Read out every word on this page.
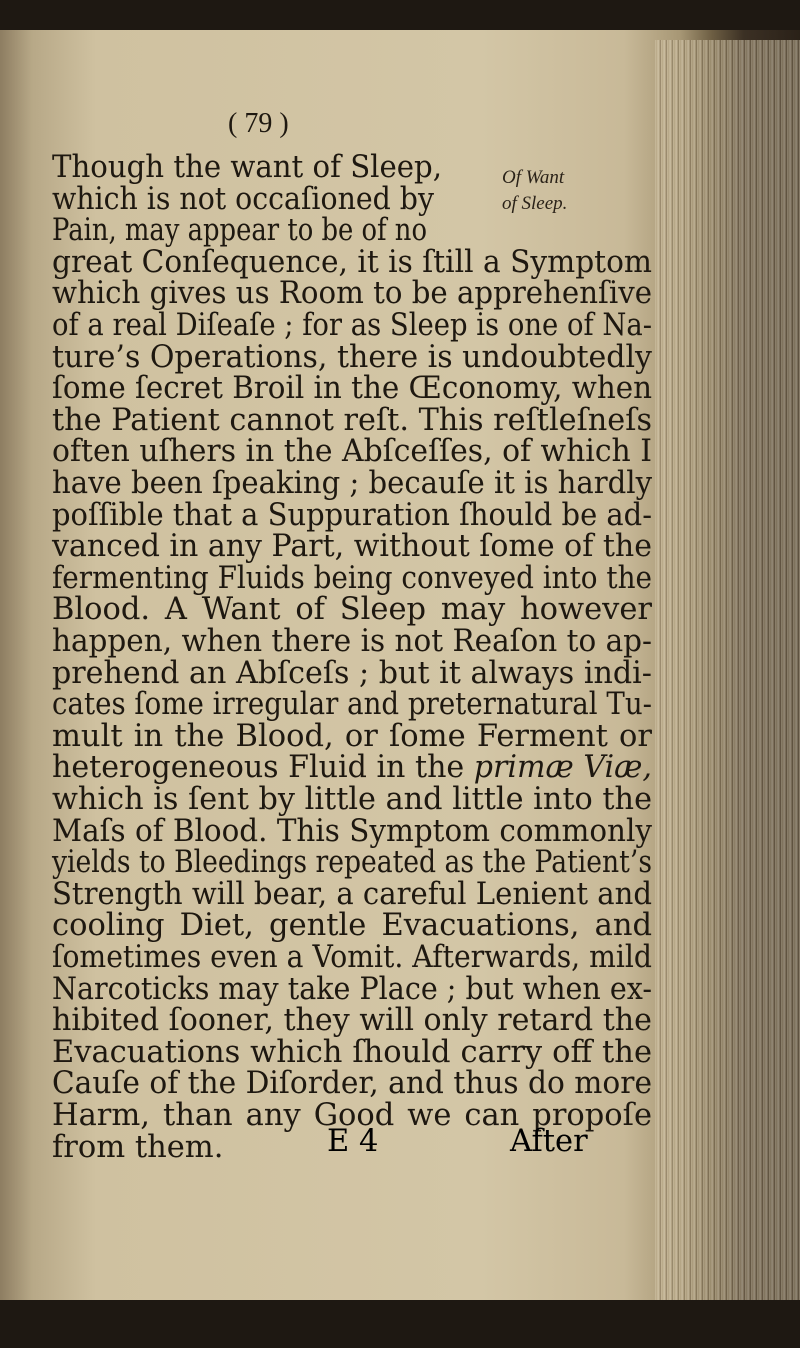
( 79 )
Of Want
of Sleep.
Though the want of Sleep,
which is not occaſioned by
Pain, may appear to be of no
great Conſequence, it is ſtill a Symptom
which gives us Room to be apprehenſive
of a real Diſeaſe ; for as Sleep is one of Na-
ture’s Operations, there is undoubtedly
ſome ſecret Broil in the Œconomy, when
the Patient cannot reſt. This reſtleſneſs
often uſhers in the Abſceſſes, of which I
have been ſpeaking ; becauſe it is hardly
poſſible that a Suppuration ſhould be ad-
vanced in any Part, without ſome of the
fermenting Fluids being conveyed into the
Blood. A Want of Sleep may however
happen, when there is not Reaſon to ap-
prehend an Abſceſs ; but it always indi-
cates ſome irregular and preternatural Tu-
mult in the Blood, or ſome Ferment or
heterogeneous Fluid in the primæ Viæ,
which is ſent by little and little into the
Maſs of Blood. This Symptom commonly
yields to Bleedings repeated as the Patient’s
Strength will bear, a careful Lenient and
cooling Diet, gentle Evacuations, and
ſometimes even a Vomit. Afterwards, mild
Narcoticks may take Place ; but when ex-
hibited ſooner, they will only retard the
Evacuations which ſhould carry off the
Cauſe of the Diſorder, and thus do more
Harm, than any Good we can propoſe
from them.	E 4	After
